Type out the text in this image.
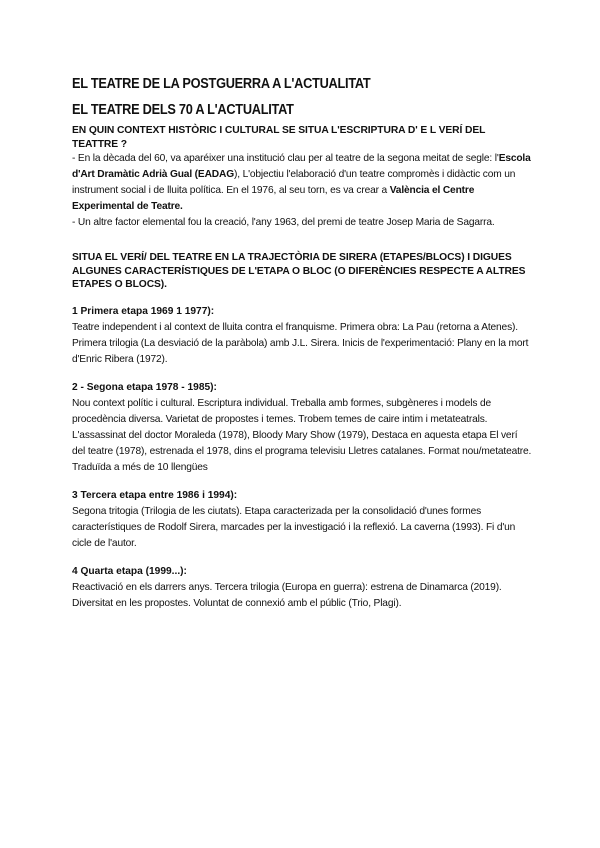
EL TEATRE DE LA POSTGUERRA A L'ACTUALITAT
EL TEATRE DELS 70 A L'ACTUALITAT
EN QUIN CONTEXT HISTÒRIC I CULTURAL SE SITUA L'ESCRIPTURA D' E L VERÍ DEL TEATTRE ?
- En la dècada del 60, va aparéixer una institució clau per al teatre de la segona meitat de segle: l'Escola d'Art Dramàtic Adrià Gual (EADAG), L'objectiu l'elaboració d'un teatre compromès i didàctic com un instrument social i de lluita política. En el 1976, al seu torn, es va crear a València el Centre Experimental de Teatre.
- Un altre factor elemental fou la creació, l'any 1963, del premi de teatre Josep Maria de Sagarra.
SITUA EL VERÍ/ DEL TEATRE EN LA TRAJECTÒRIA DE SIRERA (ETAPES/BLOCS) I DIGUES ALGUNES CARACTERÍSTIQUES DE L'ETAPA O BLOC (O DIFERÈNCIES RESPECTE A ALTRES ETAPES O BLOCS).
1 Primera etapa 1969 1 1977):
Teatre independent i al context de lluita contra el franquisme. Primera obra: La Pau (retorna a Atenes). Primera trilogia (La desviació de la paràbola) amb J.L. Sirera. Inicis de l'experimentació: Plany en la mort d'Enric Ribera (1972).
2 - Segona etapa 1978 - 1985):
Nou context polític i cultural. Escriptura individual. Treballa amb formes, subgèneres i models de procedència diversa. Varietat de propostes i temes. Trobem temes de caire intim i metateatrals. L'assassinat del doctor Moraleda (1978), Bloody Mary Show (1979), Destaca en aquesta etapa El verí del teatre (1978), estrenada el 1978, dins el programa televisiu Lletres catalanes. Format nou/metateatre. Traduïda a més de 10 llengües
3 Tercera etapa entre 1986 i 1994):
Segona tritogia (Trilogia de les ciutats). Etapa caracterizada per la consolidació d'unes formes característiques de Rodolf Sirera, marcades per la investigació i la reflexió. La caverna (1993). Fi d'un cicle de l'autor.
4 Quarta etapa (1999...):
Reactivació en els darrers anys. Tercera trilogia (Europa en guerra): estrena de Dinamarca (2019). Diversitat en les propostes. Voluntat de connexió amb el públic (Trio, Plagi).
